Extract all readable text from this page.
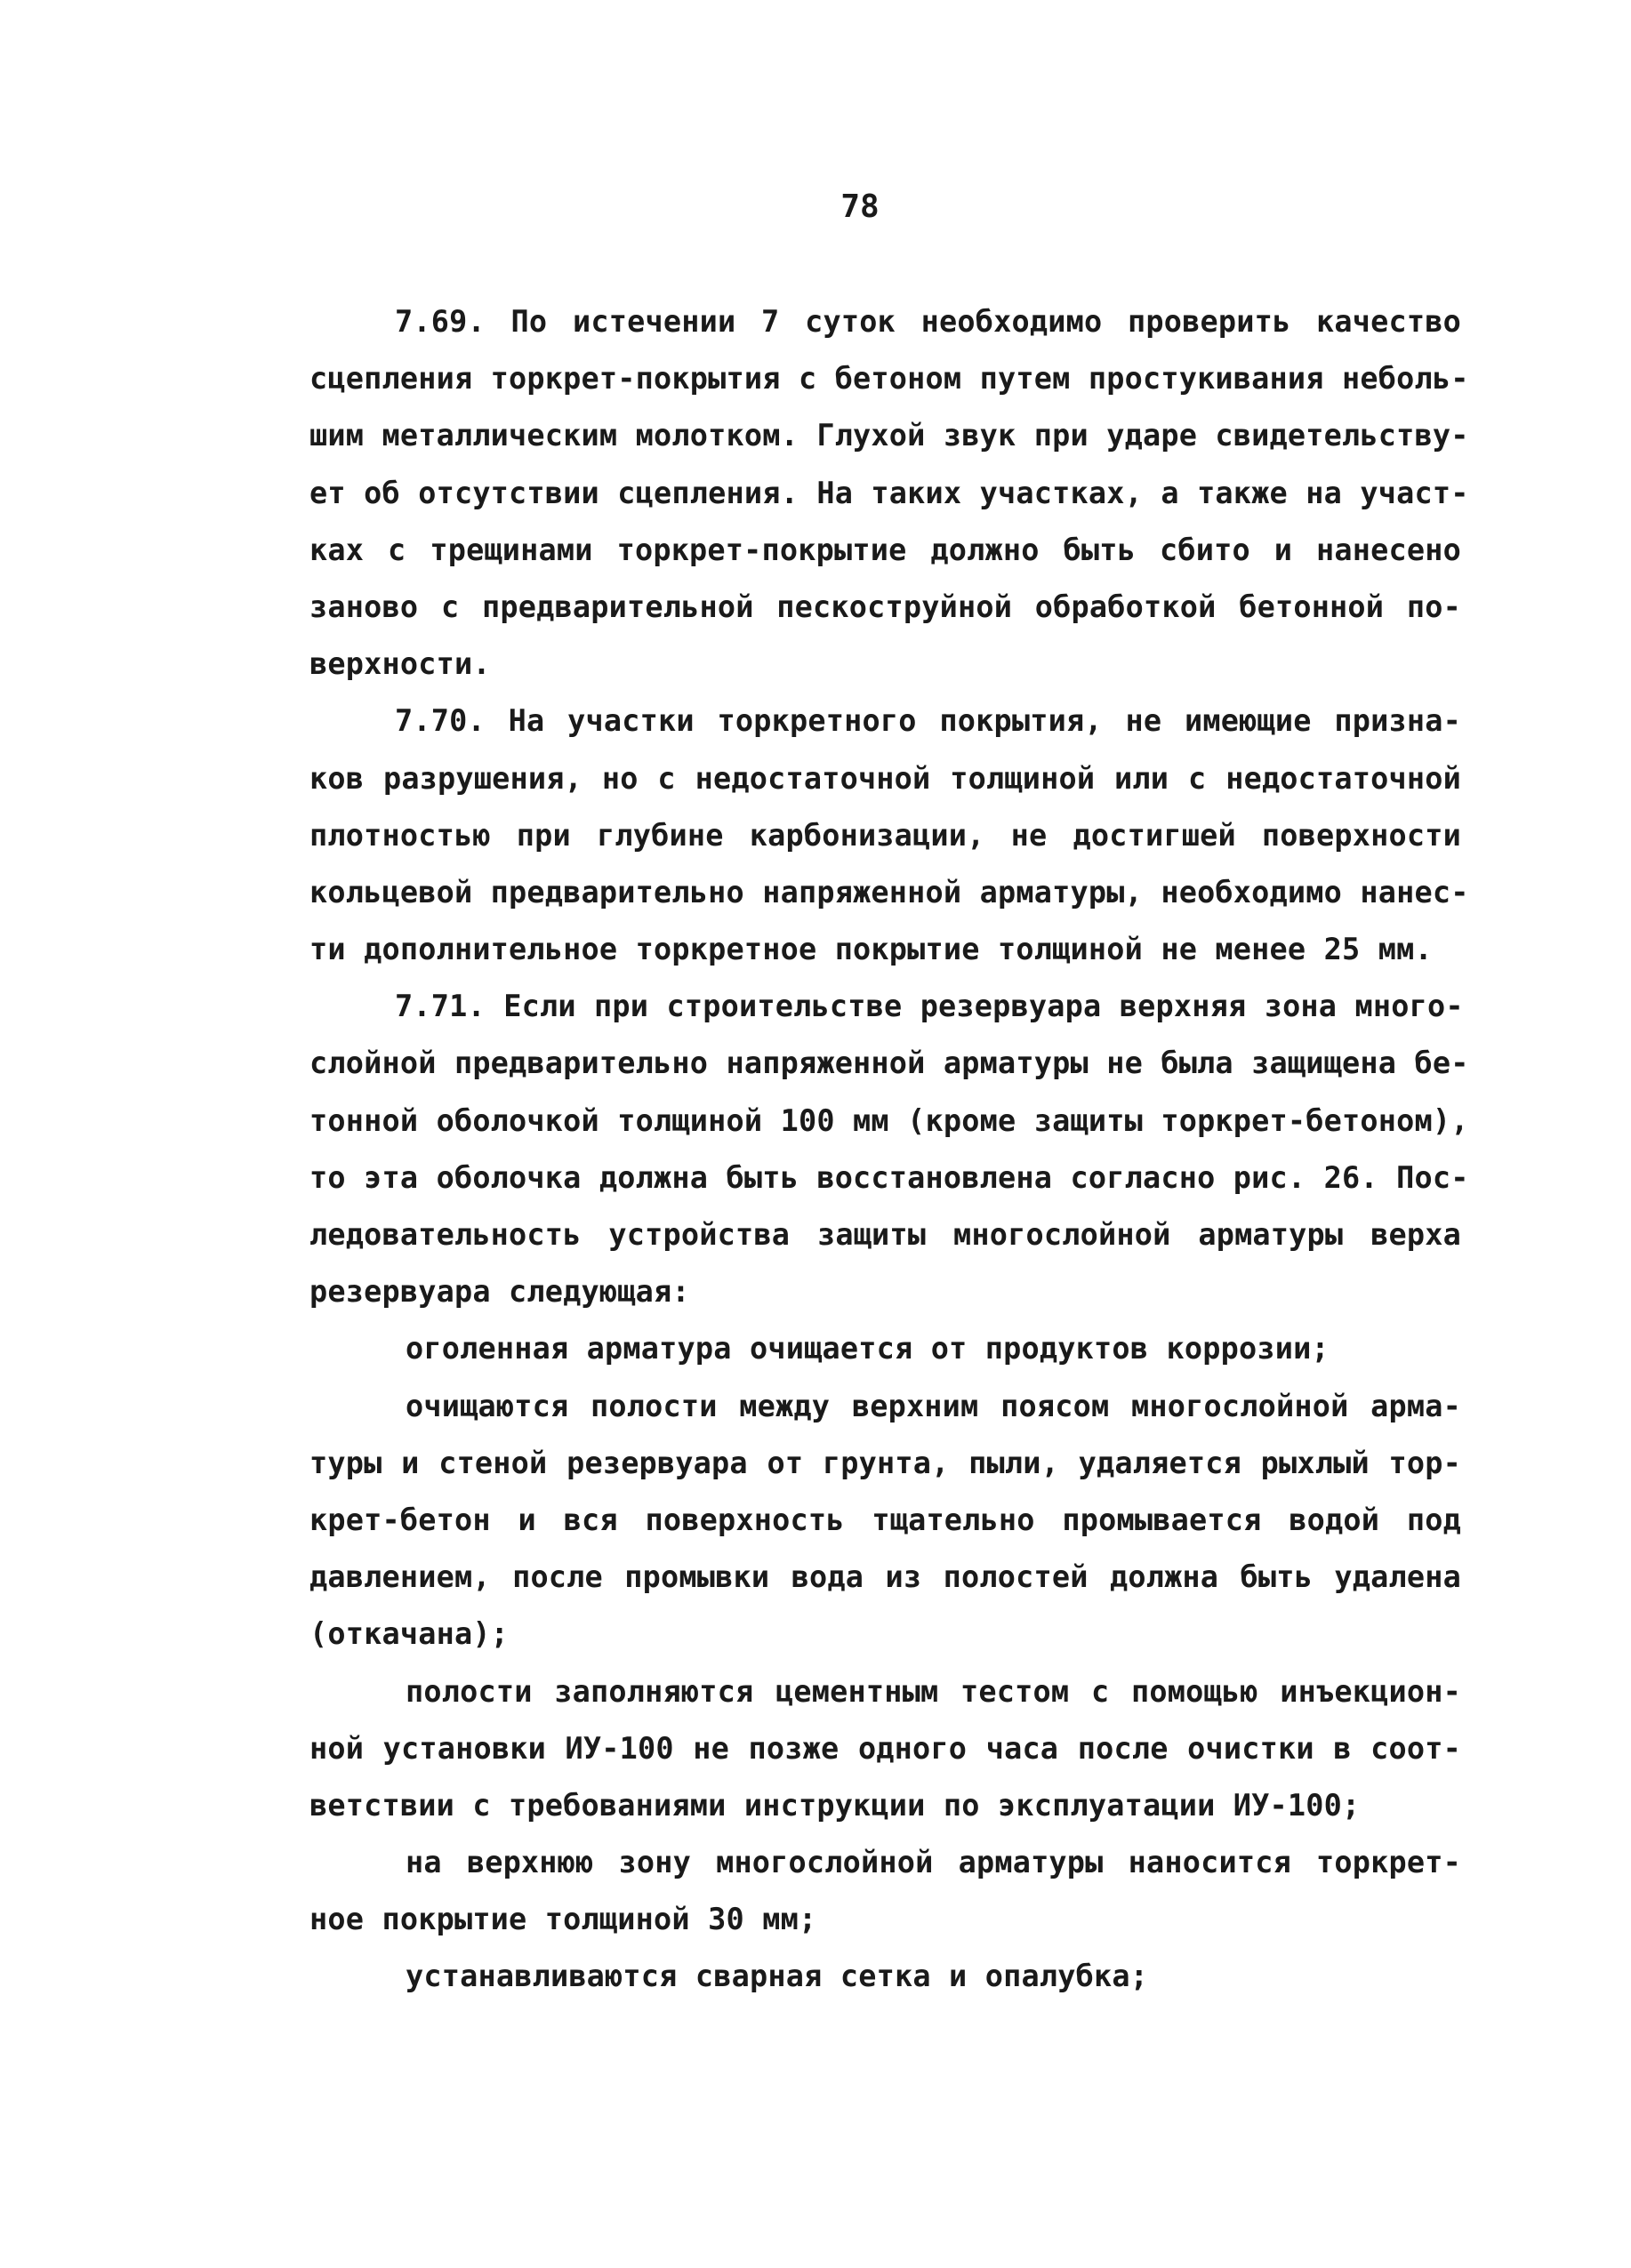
78
7.69. По истечении 7 суток необходимо проверить качество
сцепления торкрет-покрытия с бетоном путем простукивания неболь-
шим металлическим молотком. Глухой звук при ударе свидетельству-
ет об отсутствии сцепления. На таких участках, а также на участ-
ках с трещинами торкрет-покрытие должно быть сбито и нанесено
заново с предварительной пескоструйной обработкой бетонной по-
верхности.
7.70. На участки торкретного покрытия, не имеющие призна-
ков разрушения, но с недостаточной толщиной или с недостаточной
плотностью при глубине карбонизации, не достигшей поверхности
кольцевой предварительно напряженной арматуры, необходимо нанес-
ти дополнительное торкретное покрытие толщиной не менее 25 мм.
7.71. Если при строительстве резервуара верхняя зона много-
слойной предварительно напряженной арматуры не была защищена бе-
тонной оболочкой толщиной 100 мм (кроме защиты торкрет-бетоном),
то эта оболочка должна быть восстановлена согласно рис. 26. Пос-
ледовательность устройства защиты многослойной арматуры верха
резервуара следующая:
оголенная арматура очищается от продуктов коррозии;
очищаются полости между верхним поясом многослойной арма-
туры и стеной резервуара от грунта, пыли, удаляется рыхлый тор-
крет-бетон и вся поверхность тщательно промывается водой под
давлением, после промывки вода из полостей должна быть удалена
(откачана);
полости заполняются цементным тестом с помощью инъекцион-
ной установки ИУ-100 не позже одного часа после очистки в соот-
ветствии с требованиями инструкции по эксплуатации ИУ-100;
на верхнюю зону многослойной арматуры наносится торкрет-
ное покрытие толщиной 30 мм;
устанавливаются сварная сетка и опалубка;
